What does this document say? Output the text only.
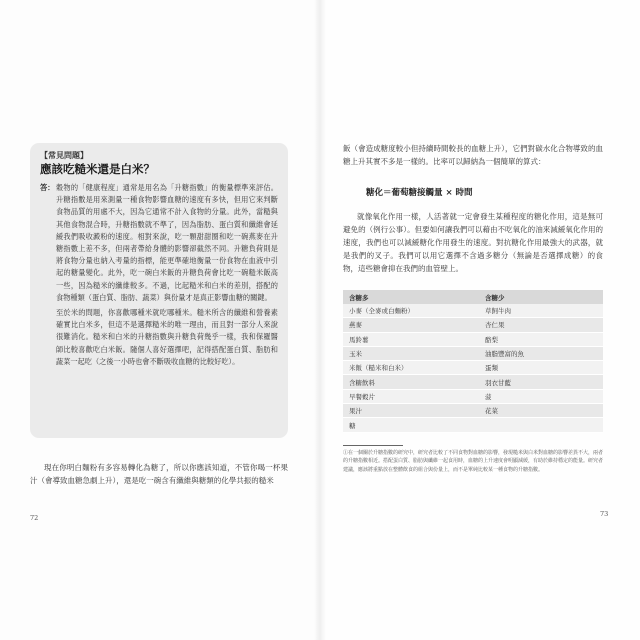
【常見問題】
應該吃糙米還是白米？
答： 穀物的「健康程度」通常是用名為「升糖指數」的衡量標準來評估。升糖指數是用來測量一種食物影響血糖的速度有多快，但用它來判斷食物品質的用處不大，因為它通常不計入食物的分量。此外，當糙與其他食物混合時，升糖指數就不準了，因為脂肪、蛋白質和纖維會延緩我們吸收澱粉的速度。相對來說，吃一顆甜甜圈和吃一碗燕麥在升糖指數上差不多，但兩者帶給身體的影響卻截然不同。升糖負荷則是將食物分量也納入考量的指標，能更準確地衡量一份食物在血液中引起的糖量變化。此外，吃一碗白米飯的升糖負荷會比吃一碗糙米飯高一些，因為糙米的纖維較多。不過，比起糙米和白米的差別，搭配的食物種類（蛋白質、脂肪、蔬菜）與份量才是真正影響血糖的關鍵。

至於米的問題，你喜歡哪種米就吃哪種米。糙米所含的纖維和營養素確實比白米多，但這不是選擇糙米的唯一理由，而且對一部分人來說很難消化。糙米和白米的升糖指數與升糖負荷幾乎一樣，我和保羅醫師比較喜歡吃白米飯。隨個人喜好選擇吧，記得搭配蛋白質、脂肪和蔬菜一起吃（之後一小時也會不斷吸收血糖的比較好吃）。

現在你明白麵粉有多容易轉化為糖了，所以你應該知道，不管你喝一杯果汁（會導致血糖急劇上升），還是吃一碗含有纖維與糖類的化學共振的糙米

72

飯（會造成糖度較小但持續時間較長的血糖上升），它們對碳水化合物導致的血糖上升其實不多是一樣的。比率可以歸納為一個簡單的算式：

糖化＝葡萄糖接觸量 × 時間

就像氧化作用一樣，人活著就一定會發生某種程度的糖化作用，這是無可避免的（例行公事）。但要如何讓我們可以藉由不吃氧化的油來減緩氧化作用的速度，我們也可以減緩糖化作用發生的速度。對抗糖化作用最強大的武器，就是我們的叉子。我們可以用它選擇不含過多糖分（無論是否選擇成糖）的食物，這些糖會抑在我們的血管壁上。

含糖多	含糖少
小麥（全麥或白麵粉）	草飼牛肉
燕麥	杏仁果
馬鈴薯	酪梨
玉米	油脂豐富的魚
米飯（糙米和白米）	蛋類
含糖飲料	羽衣甘藍
早餐穀片	菠
果汁	花菜
糖	

①在一個關於升糖指數的研究中，研究者比較了不同食物對血糖的影響，發現糙米與白米對血糖的影響差異不大，兩者的升糖指數相近。搭配蛋白質、脂肪與纖維一起食用時，血糖的上升速度會明顯減緩，有助於維持穩定的能量。研究者建議，應該將重點放在整體飲食的組合與份量上，而不是單純比較某一種食物的升糖指數。

73
